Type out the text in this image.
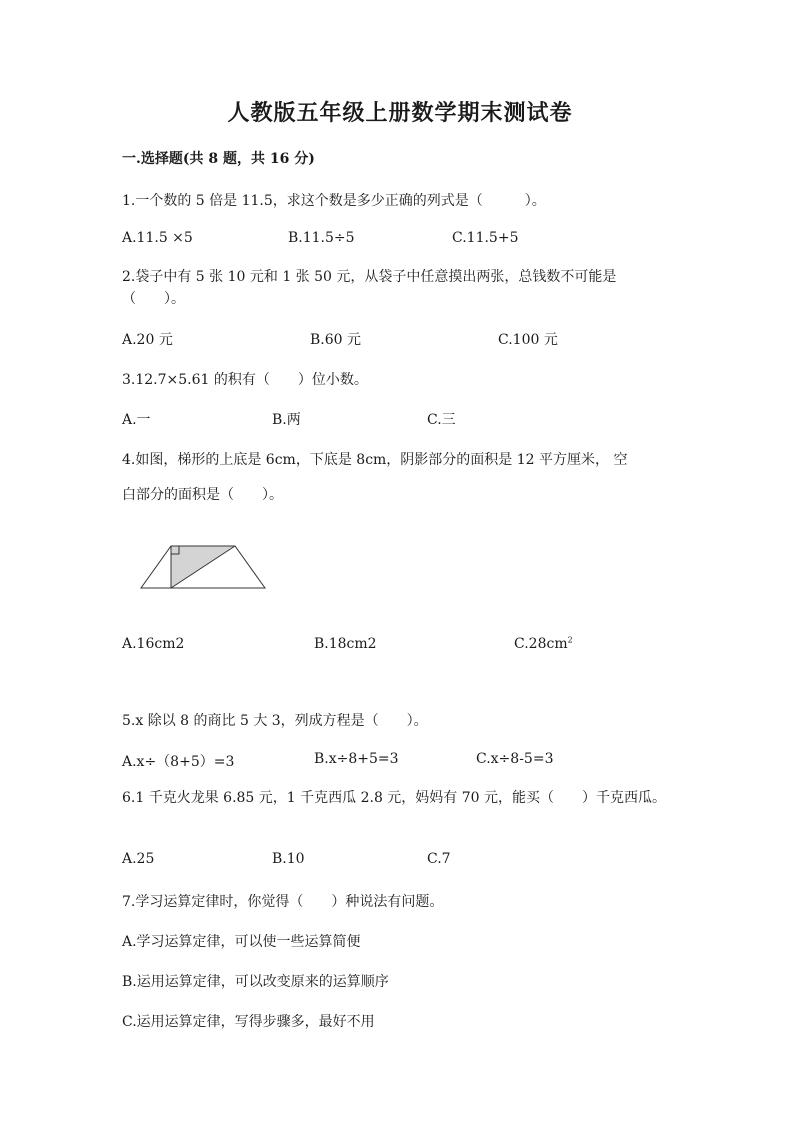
人教版五年级上册数学期末测试卷
一.选择题(共 8 题，共 16 分)
1.一个数的 5 倍是 11.5，求这个数是多少正确的列式是（　　　）。
A.11.5 ×5	B.11.5÷5	C.11.5+5
2.袋子中有 5 张 10 元和 1 张 50 元，从袋子中任意摸出两张，总钱数不可能是（　　）。
A.20 元	B.60 元	C.100 元
3.12.7×5.61 的积有（　　）位小数。
A.一	B.两	C.三
4.如图，梯形的上底是 6cm，下底是 8cm，阴影部分的面积是 12 平方厘米， 空
白部分的面积是（　　）。
A.16cm2	B.18cm2	$C.28cm^2$
5.x 除以 8 的商比 5 大 3，列成方程是（　　）。
A.x÷（8+5）=3	B.x÷8+5=3	C.x÷8-5=3
6.1 千克火龙果 6.85 元，1 千克西瓜 2.8 元，妈妈有 70 元，能买（　　）千克西瓜。
A.25	B.10	C.7
7.学习运算定律时，你觉得（　　）种说法有问题。
A.学习运算定律，可以使一些运算简便
B.运用运算定律，可以改变原来的运算顺序
C.运用运算定律，写得步骤多，最好不用
